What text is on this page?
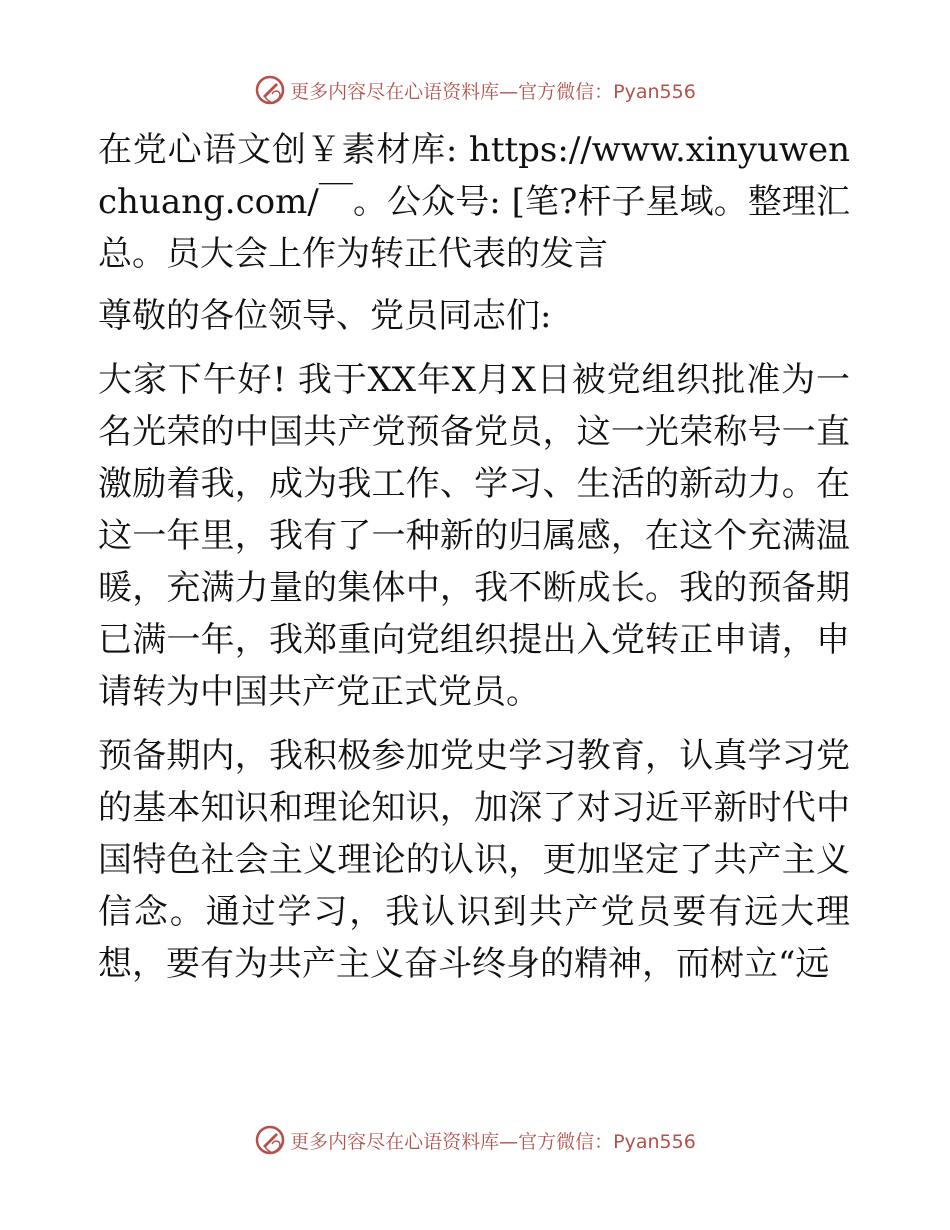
更多内容尽在心语资料库—官方微信：Pyan556

在党心语文创￥素材库: https://www.xinyuwenchuang.com/￣。公众号: [笔?杆子星域。整理汇总。员大会上作为转正代表的发言

尊敬的各位领导、党员同志们:

大家下午好! 我于XX年X月X日被党组织批准为一名光荣的中国共产党预备党员，这一光荣称号一直激励着我，成为我工作、学习、生活的新动力。在这一年里，我有了一种新的归属感，在这个充满温暖，充满力量的集体中，我不断成长。我的预备期已满一年，我郑重向党组织提出入党转正申请，申请转为中国共产党正式党员。

预备期内，我积极参加党史学习教育，认真学习党的基本知识和理论知识，加深了对习近平新时代中国特色社会主义理论的认识，更加坚定了共产主义信念。通过学习，我认识到共产党员要有远大理想，要有为共产主义奋斗终身的精神，而树立“远

更多内容尽在心语资料库—官方微信：Pyan556
